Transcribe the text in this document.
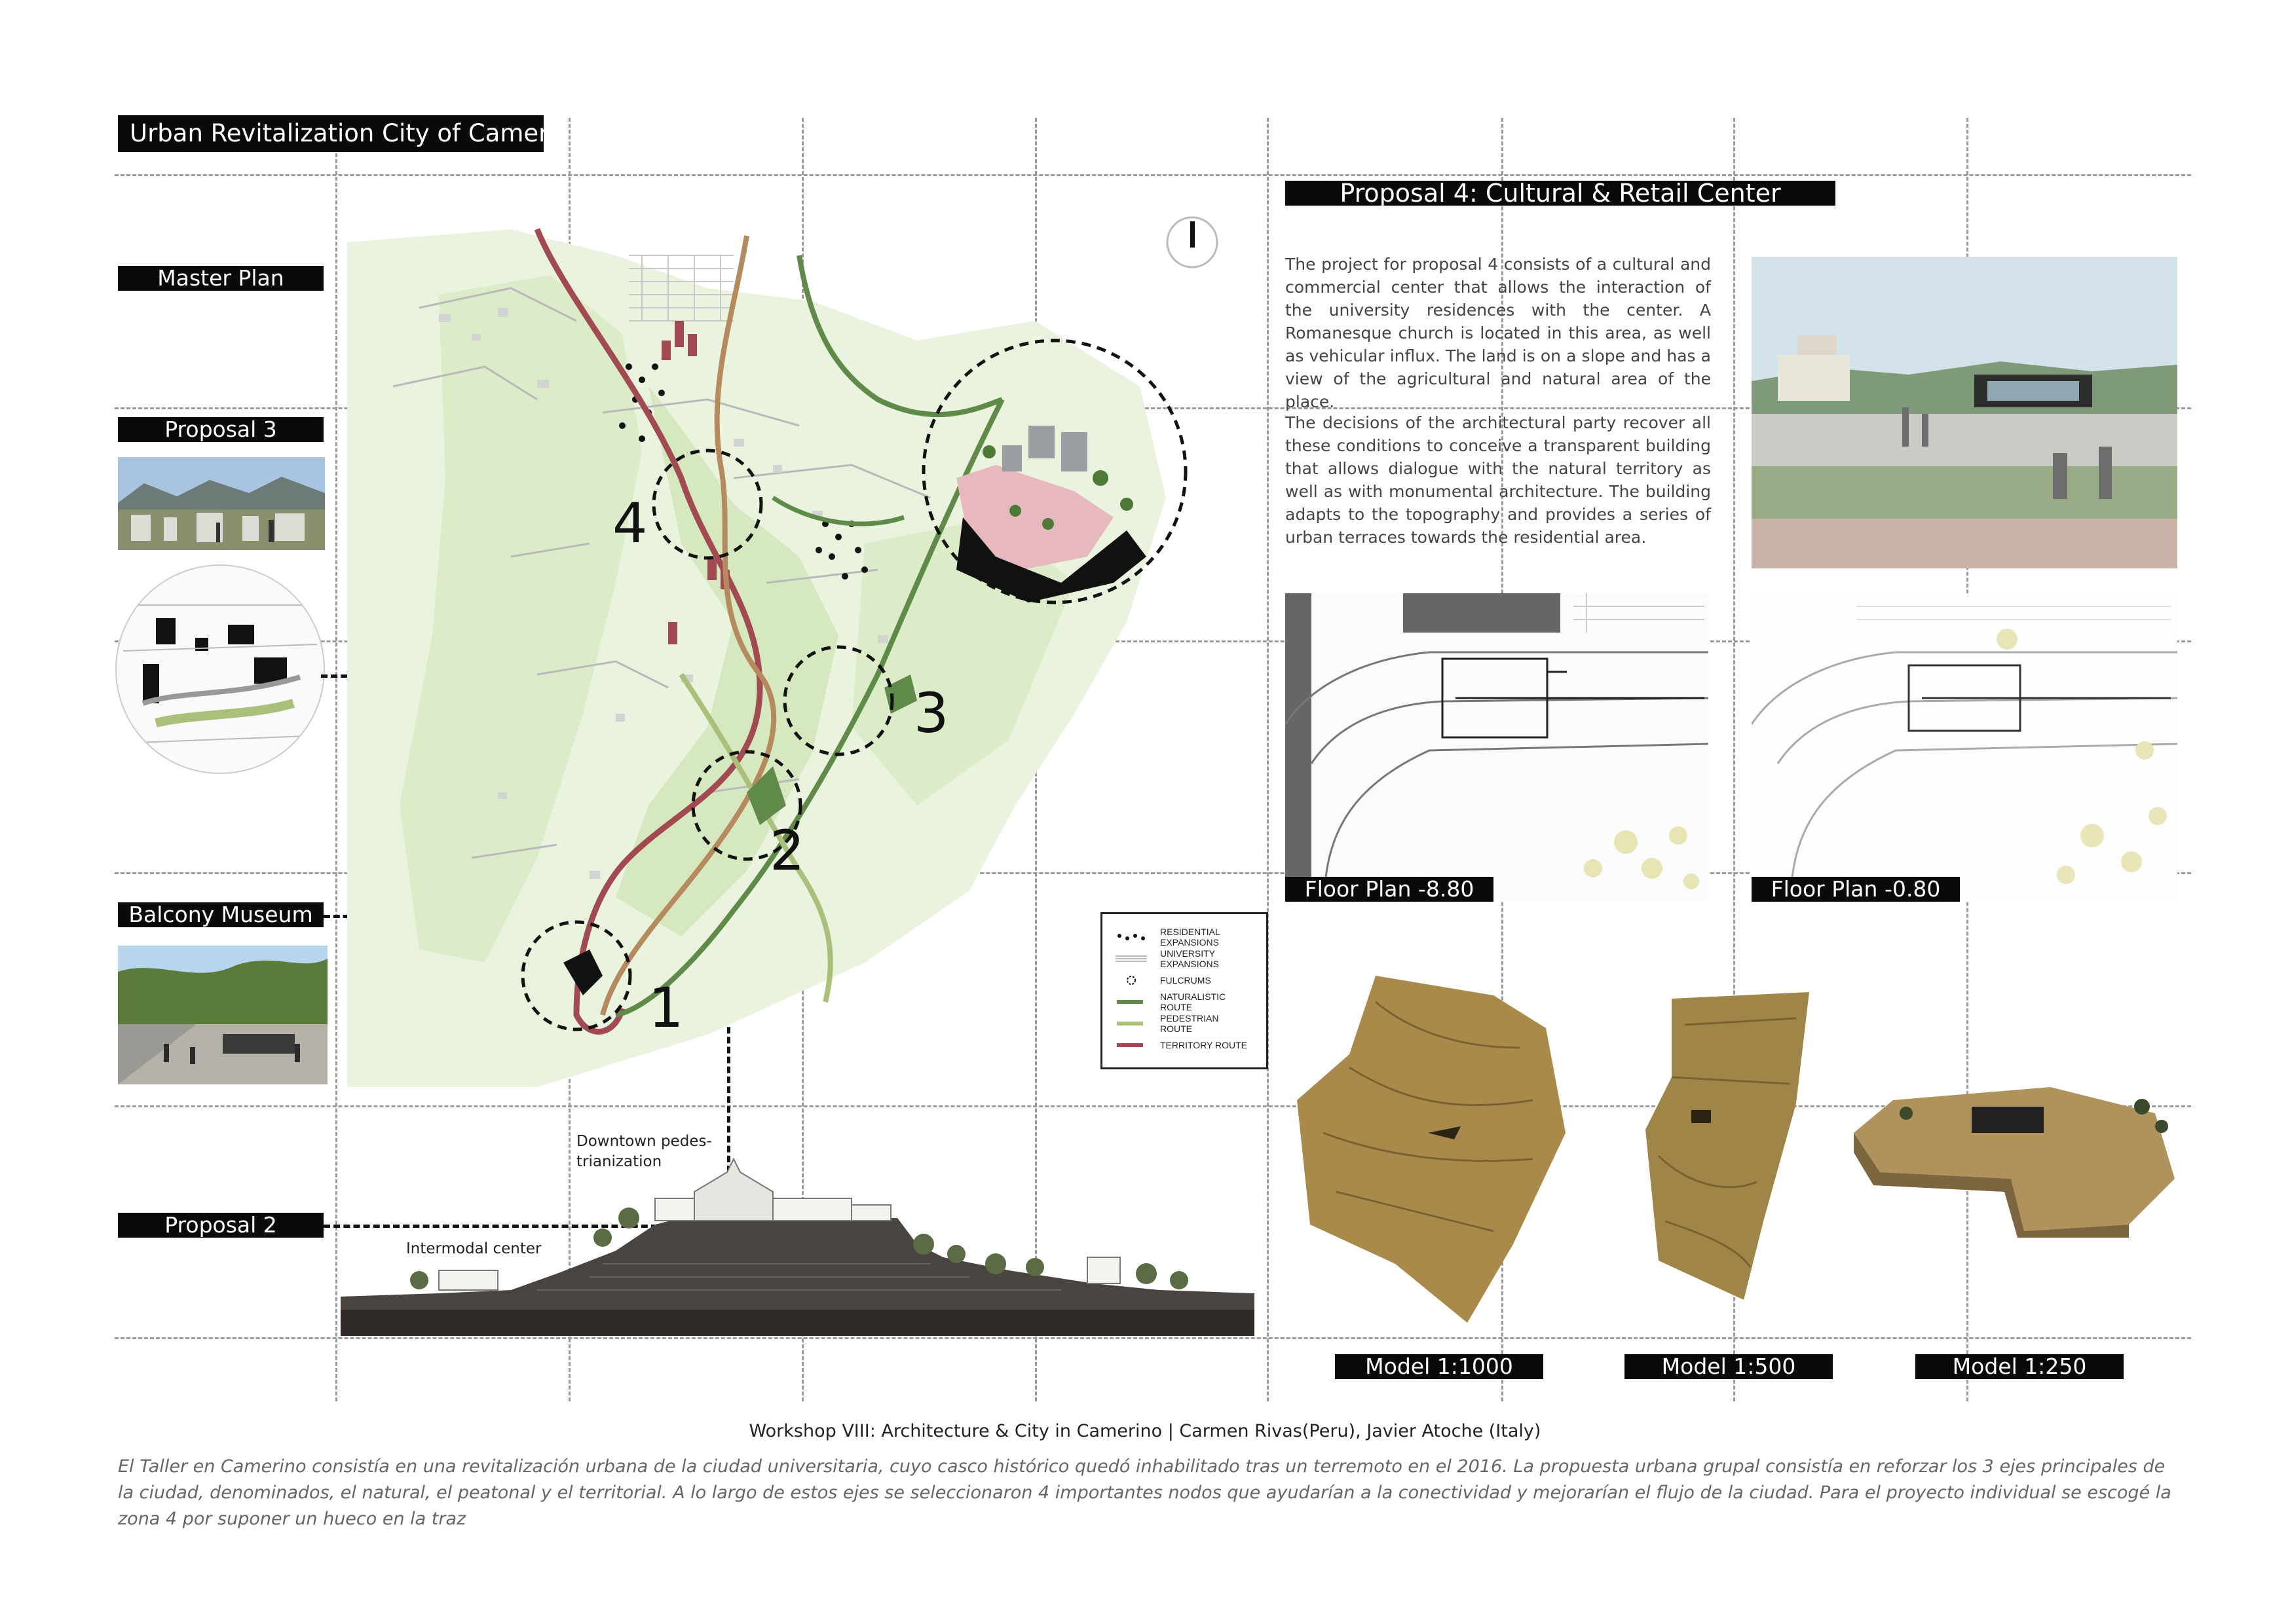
Urban Revitalization City of Camerino
Master Plan
Proposal 3
Balcony Museum
Proposal 2
1
2
3
4
RESIDENTIAL EXPANSIONS
UNIVERSITY EXPANSIONS
FULCRUMS
NATURALISTIC ROUTE
PEDESTRIAN ROUTE
TERRITORY ROUTE
Downtown pedes-
trianization
Intermodal center
Proposal 4: Cultural & Retail Center
The project for proposal 4 consists of a cultural and commercial center that allows the interaction of the university residences with the center. A Romanesque church is located in this area, as well as vehicular influx. The land is on a slope and has a view of the agricultural and natural area of the place.
The decisions of the architectural party recover all these conditions to conceive a transparent building that allows dialogue with the natural territory as well as with monumental architecture. The building adapts to the topography and provides a series of urban terraces towards the residential area.
Floor Plan -8.80	Floor Plan -0.80
Model 1:1000	Model 1:500	Model 1:250
Workshop VIII: Architecture & City in Camerino | Carmen Rivas(Peru), Javier Atoche (Italy)
El Taller en Camerino consistía en una revitalización urbana de la ciudad universitaria, cuyo casco histórico quedó inhabilitado tras un terremoto en el 2016. La propuesta urbana grupal consistía en reforzar los 3 ejes principales de la ciudad, denominados, el natural, el peatonal y el territorial. A lo largo de estos ejes se seleccionaron 4 importantes nodos que ayudarían a la conectividad y mejorarían el flujo de la ciudad. Para el proyecto individual se escogé la zona 4 por suponer un hueco en la traz
